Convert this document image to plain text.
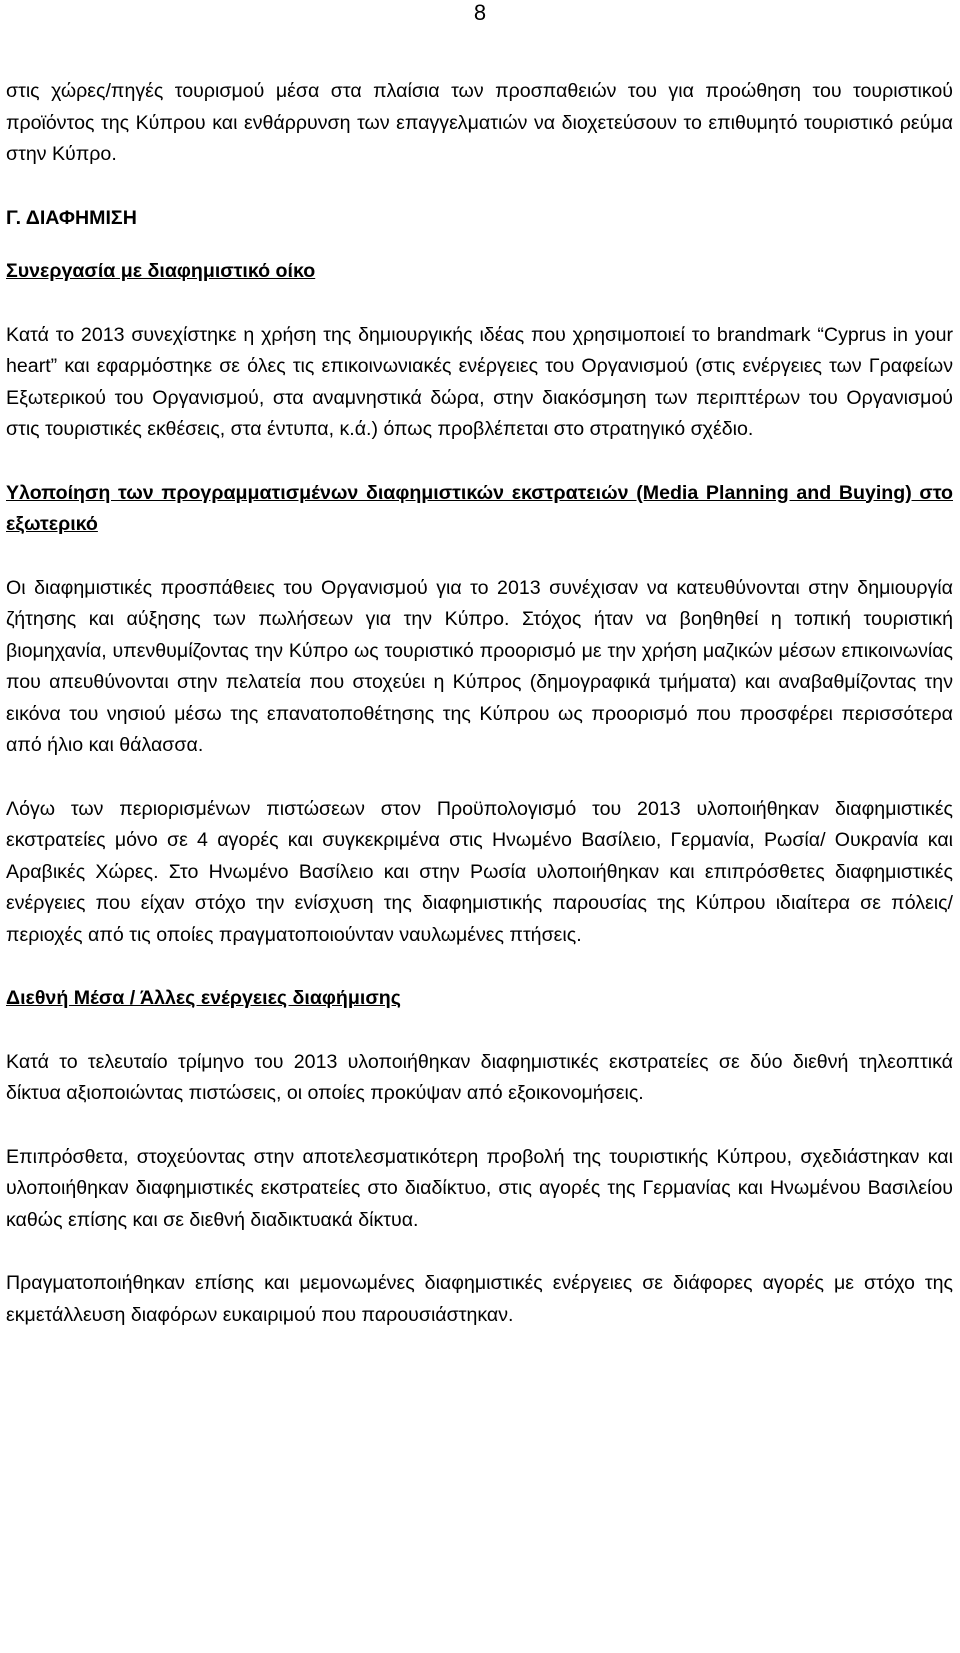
8

στις χώρες/πηγές τουρισμού μέσα στα πλαίσια των προσπαθειών του για προώθηση του τουριστικού προϊόντος της Κύπρου και ενθάρρυνση των επαγγελματιών να διοχετεύσουν το επιθυμητό τουριστικό ρεύμα στην Κύπρο.

Γ. ΔΙΑΦΗΜΙΣΗ

Συνεργασία με διαφημιστικό οίκο

Κατά το 2013 συνεχίστηκε η χρήση της δημιουργικής ιδέας που χρησιμοποιεί το brandmark “Cyprus in your heart” και εφαρμόστηκε σε όλες τις επικοινωνιακές ενέργειες του Οργανισμού (στις ενέργειες των Γραφείων Εξωτερικού του Οργανισμού, στα αναμνηστικά δώρα, στην διακόσμηση των περιπτέρων του Οργανισμού στις τουριστικές εκθέσεις, στα έντυπα, κ.ά.) όπως προβλέπεται στο στρατηγικό σχέδιο.

Υλοποίηση των προγραμματισμένων διαφημιστικών εκστρατειών (Media Planning and Buying) στο εξωτερικό

Οι διαφημιστικές προσπάθειες του Οργανισμού για το 2013 συνέχισαν να κατευθύνονται στην δημιουργία ζήτησης και αύξησης των πωλήσεων για την Κύπρο. Στόχος ήταν να βοηθηθεί η τοπική τουριστική βιομηχανία, υπενθυμίζοντας την Κύπρο ως τουριστικό προορισμό με την χρήση μαζικών μέσων επικοινωνίας που απευθύνονται στην πελατεία που στοχεύει η Κύπρος (δημογραφικά τμήματα) και αναβαθμίζοντας την εικόνα του νησιού μέσω της επανατοποθέτησης της Κύπρου ως προορισμό που προσφέρει περισσότερα από ήλιο και θάλασσα.

Λόγω των περιορισμένων πιστώσεων στον Προϋπολογισμό του 2013 υλοποιήθηκαν διαφημιστικές εκστρατείες μόνο σε 4 αγορές και συγκεκριμένα στις Ηνωμένο Βασίλειο, Γερμανία, Ρωσία/ Ουκρανία και Αραβικές Χώρες. Στο Ηνωμένο Βασίλειο και στην Ρωσία υλοποιήθηκαν και επιπρόσθετες διαφημιστικές ενέργειες που είχαν στόχο την ενίσχυση της διαφημιστικής παρουσίας της Κύπρου ιδιαίτερα σε πόλεις/περιοχές από τις οποίες πραγματοποιούνταν ναυλωμένες πτήσεις.

Διεθνή Μέσα / Άλλες ενέργειες διαφήμισης

Κατά το τελευταίο τρίμηνο του 2013 υλοποιήθηκαν διαφημιστικές εκστρατείες σε δύο διεθνή τηλεοπτικά δίκτυα αξιοποιώντας πιστώσεις, οι οποίες προκύψαν από εξοικονομήσεις.

Επιπρόσθετα, στοχεύοντας στην αποτελεσματικότερη προβολή της τουριστικής Κύπρου, σχεδιάστηκαν και υλοποιήθηκαν διαφημιστικές εκστρατείες στο διαδίκτυο, στις αγορές της Γερμανίας και Ηνωμένου Βασιλείου καθώς επίσης και σε διεθνή διαδικτυακά δίκτυα.

Πραγματοποιήθηκαν επίσης και μεμονωμένες διαφημιστικές ενέργειες σε διάφορες αγορές με στόχο της εκμετάλλευση διαφόρων ευκαιριμού που παρουσιάστηκαν.
